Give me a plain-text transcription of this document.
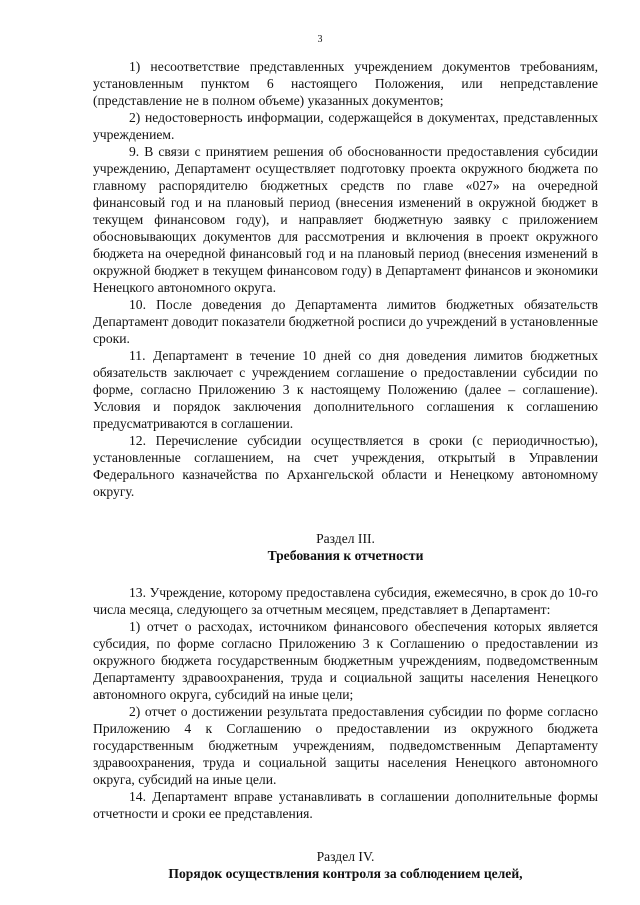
3

1) несоответствие представленных учреждением документов требованиям, установленным пунктом 6 настоящего Положения, или непредставление (представление не в полном объеме) указанных документов;

2) недостоверность информации, содержащейся в документах, представленных учреждением.

9. В связи с принятием решения об обоснованности предоставления субсидии учреждению, Департамент осуществляет подготовку проекта окружного бюджета по главному распорядителю бюджетных средств по главе «027» на очередной финансовый год и на плановый период (внесения изменений в окружной бюджет в текущем финансовом году), и направляет бюджетную заявку с приложением обосновывающих документов для рассмотрения и включения в проект окружного бюджета на очередной финансовый год и на плановый период (внесения изменений в окружной бюджет в текущем финансовом году) в Департамент финансов и экономики Ненецкого автономного округа.

10. После доведения до Департамента лимитов бюджетных обязательств Департамент доводит показатели бюджетной росписи до учреждений в установленные сроки.

11. Департамент в течение 10 дней со дня доведения лимитов бюджетных обязательств заключает с учреждением соглашение о предоставлении субсидии по форме, согласно Приложению 3 к настоящему Положению (далее – соглашение). Условия и порядок заключения дополнительного соглашения к соглашению предусматриваются в соглашении.

12. Перечисление субсидии осуществляется в сроки (с периодичностью), установленные соглашением, на счет учреждения, открытый в Управлении Федерального казначейства по Архангельской области и Ненецкому автономному округу.

Раздел III.

Требования к отчетности

13. Учреждение, которому предоставлена субсидия, ежемесячно, в срок до 10-го числа месяца, следующего за отчетным месяцем, представляет в Департамент:

1) отчет о расходах, источником финансового обеспечения которых является субсидия, по форме согласно Приложению 3 к Соглашению о предоставлении из окружного бюджета государственным бюджетным учреждениям, подведомственным Департаменту здравоохранения, труда и социальной защиты населения Ненецкого автономного округа, субсидий на иные цели;

2) отчет о достижении результата предоставления субсидии по форме согласно Приложению 4 к Соглашению о предоставлении из окружного бюджета государственным бюджетным учреждениям, подведомственным Департаменту здравоохранения, труда и социальной защиты населения Ненецкого автономного округа, субсидий на иные цели.

14. Департамент вправе устанавливать в соглашении дополнительные формы отчетности и сроки ее представления.

Раздел IV.

Порядок осуществления контроля за соблюдением целей,
